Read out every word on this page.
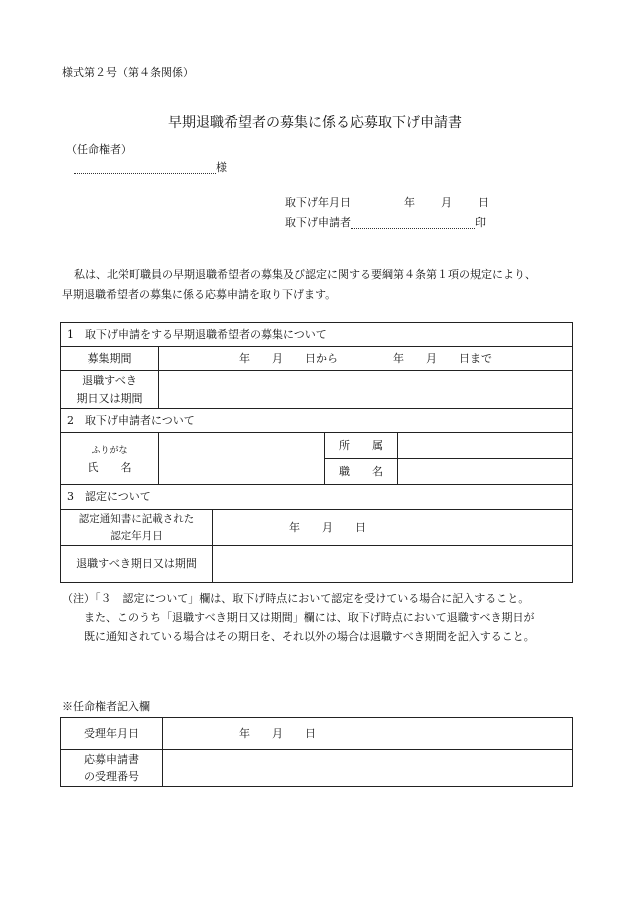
様式第２号（第４条関係）
早期退職希望者の募集に係る応募取下げ申請書
（任命権者）
様
取下げ年月日	年 月 日
取下げ申請者	印
私は、北栄町職員の早期退職希望者の募集及び認定に関する要綱第４条第１項の規定により、
早期退職希望者の募集に係る応募申請を取り下げます。
1　取下げ申請をする早期退職希望者の募集について				
募集期間	年　　月　　日から　　　　　年　　月　　日まで			
退職すべき
期日又は期間				
2　取下げ申請者について				
ふりがな
氏　　名			所　　属	
			職　　名	
3　認定について				
認定通知書に記載された
認定年月日		年　　月　　日		
退職すべき期日又は期間				
（注）「３　認定について」欄は、取下げ時点において認定を受けている場合に記入すること。
また、このうち「退職すべき期日又は期間」欄には、取下げ時点において退職すべき期日が
既に通知されている場合はその期日を、それ以外の場合は退職すべき期間を記入すること。
※任命権者記入欄
受理年月日	年　　月　　日
応募申請書
の受理番号	
